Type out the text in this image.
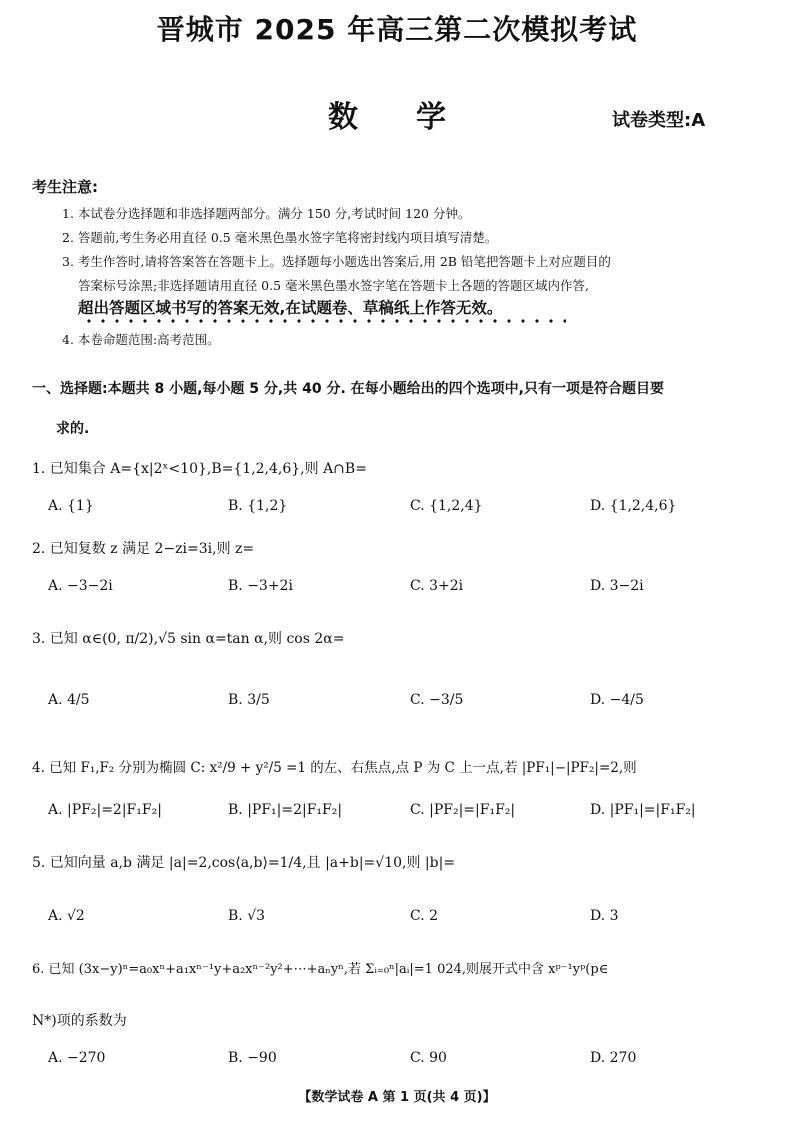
晋城市 2025 年高三第二次模拟考试
数学	试卷类型:A
考生注意:
1. 本试卷分选择题和非选择题两部分。满分 150 分,考试时间 120 分钟。
2. 答题前,考生务必用直径 0.5 毫米黑色墨水签字笔将密封线内项目填写清楚。
3. 考生作答时,请将答案答在答题卡上。选择题每小题选出答案后,用 2B 铅笔把答题卡上对应题目的
答案标号涂黑;非选择题请用直径 0.5 毫米黑色墨水签字笔在答题卡上各题的答题区域内作答,
超出答题区域书写的答案无效,在试题卷、草稿纸上作答无效。
4. 本卷命题范围:高考范围。
一、选择题:本题共 8 小题,每小题 5 分,共 40 分. 在每小题给出的四个选项中,只有一项是符合题目要
求的.
1. 已知集合 A={x|2ˣ<10},B={1,2,4,6},则 A∩B=
A. {1}	B. {1,2}	C. {1,2,4}	D. {1,2,4,6}
2. 已知复数 z 满足 2−zi=3i,则 z=
A. −3−2i	B. −3+2i	C. 3+2i	D. 3−2i
3. 已知 α∈(0, π/2),√5 sin α=tan α,则 cos 2α=
A. 4/5	B. 3/5	C. −3/5	D. −4/5
4. 已知 F₁,F₂ 分别为椭圆 C: x²/9 + y²/5 =1 的左、右焦点,点 P 为 C 上一点,若 |PF₁|−|PF₂|=2,则
A. |PF₂|=2|F₁F₂|	B. |PF₁|=2|F₁F₂|	C. |PF₂|=|F₁F₂|	D. |PF₁|=|F₁F₂|
5. 已知向量 a,b 满足 |a|=2,cos⟨a,b⟩=1/4,且 |a+b|=√10,则 |b|=
A. √2	B. √3	C. 2	D. 3
6. 已知 (3x−y)ⁿ=a₀xⁿ+a₁xⁿ⁻¹y+a₂xⁿ⁻²y²+⋯+aₙyⁿ,若 Σᵢ₌₀ⁿ|aᵢ|=1 024,则展开式中含 xᵖ⁻¹yᵖ(p∈
N*)项的系数为
A. −270	B. −90	C. 90	D. 270
【数学试卷 A 第 1 页(共 4 页)】
